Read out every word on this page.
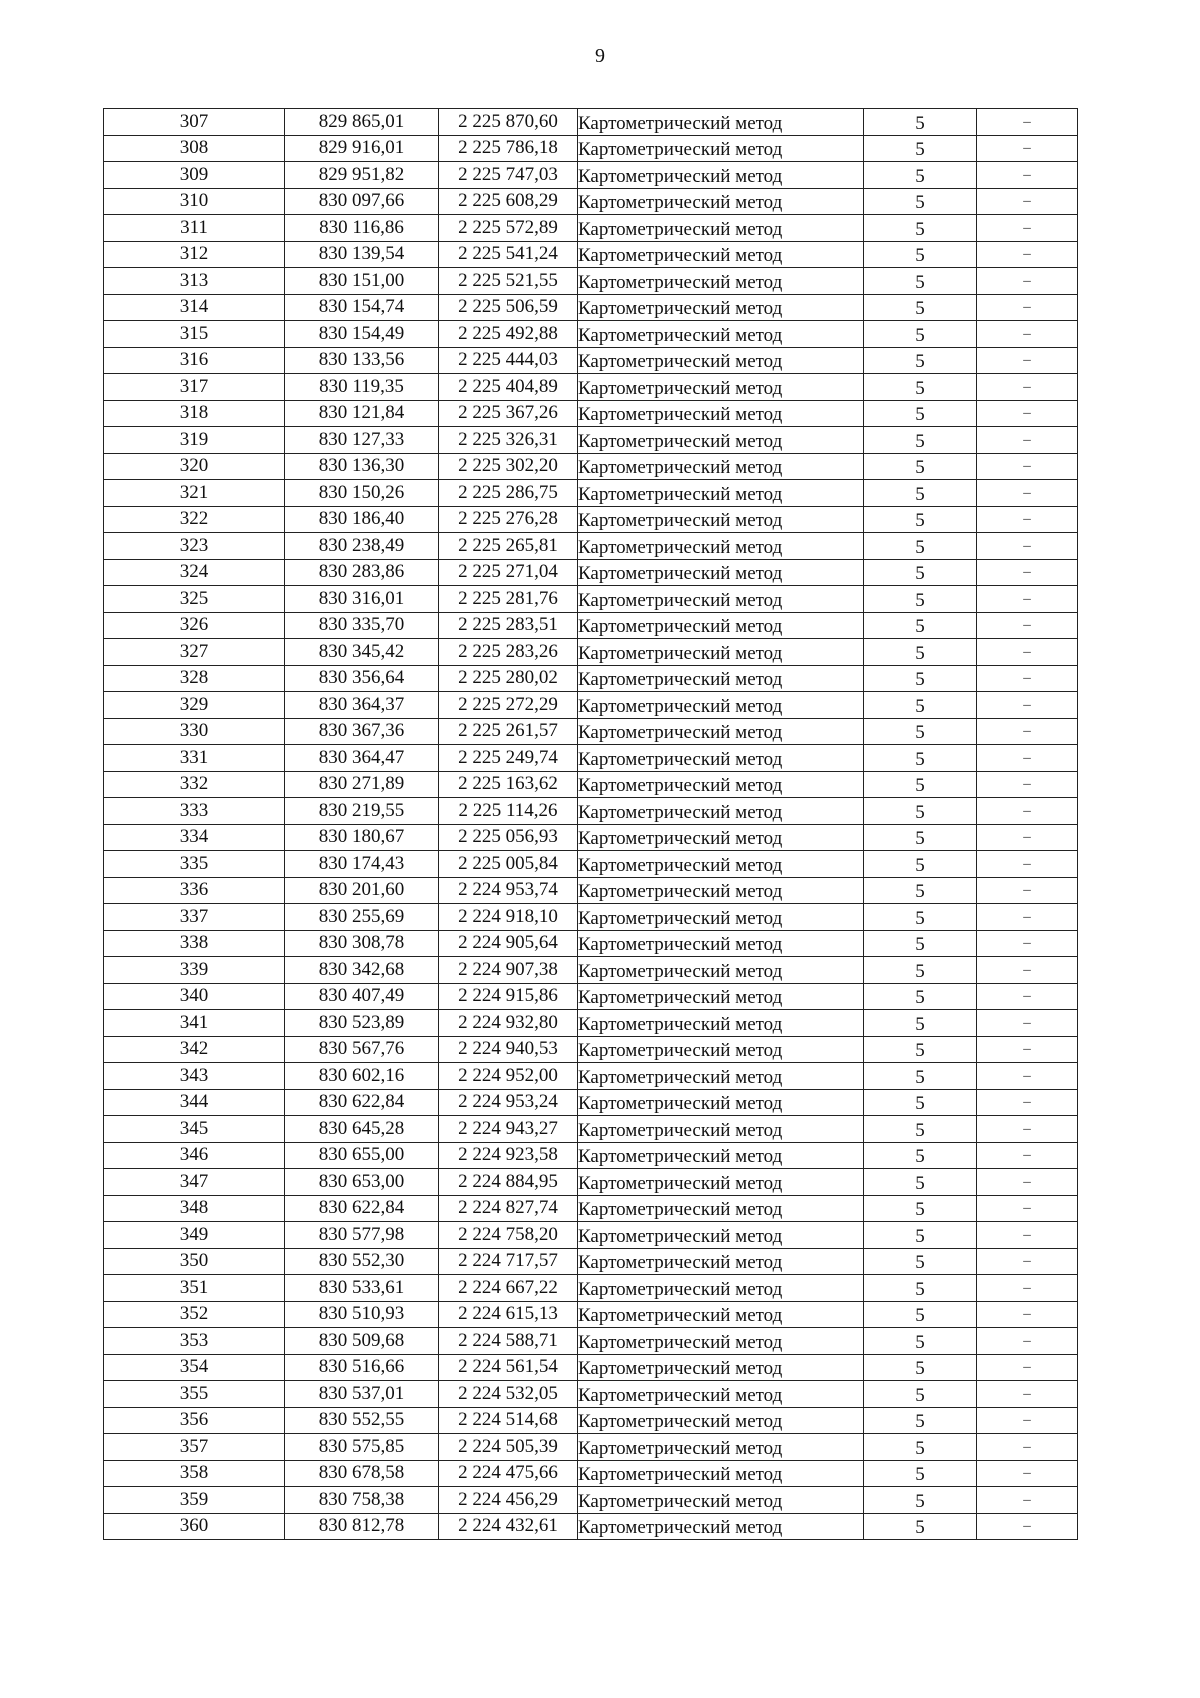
9
307	829 865,01	2 225 870,60	Картометрический метод	5	–
308	829 916,01	2 225 786,18	Картометрический метод	5	–
309	829 951,82	2 225 747,03	Картометрический метод	5	–
310	830 097,66	2 225 608,29	Картометрический метод	5	–
311	830 116,86	2 225 572,89	Картометрический метод	5	–
312	830 139,54	2 225 541,24	Картометрический метод	5	–
313	830 151,00	2 225 521,55	Картометрический метод	5	–
314	830 154,74	2 225 506,59	Картометрический метод	5	–
315	830 154,49	2 225 492,88	Картометрический метод	5	–
316	830 133,56	2 225 444,03	Картометрический метод	5	–
317	830 119,35	2 225 404,89	Картометрический метод	5	–
318	830 121,84	2 225 367,26	Картометрический метод	5	–
319	830 127,33	2 225 326,31	Картометрический метод	5	–
320	830 136,30	2 225 302,20	Картометрический метод	5	–
321	830 150,26	2 225 286,75	Картометрический метод	5	–
322	830 186,40	2 225 276,28	Картометрический метод	5	–
323	830 238,49	2 225 265,81	Картометрический метод	5	–
324	830 283,86	2 225 271,04	Картометрический метод	5	–
325	830 316,01	2 225 281,76	Картометрический метод	5	–
326	830 335,70	2 225 283,51	Картометрический метод	5	–
327	830 345,42	2 225 283,26	Картометрический метод	5	–
328	830 356,64	2 225 280,02	Картометрический метод	5	–
329	830 364,37	2 225 272,29	Картометрический метод	5	–
330	830 367,36	2 225 261,57	Картометрический метод	5	–
331	830 364,47	2 225 249,74	Картометрический метод	5	–
332	830 271,89	2 225 163,62	Картометрический метод	5	–
333	830 219,55	2 225 114,26	Картометрический метод	5	–
334	830 180,67	2 225 056,93	Картометрический метод	5	–
335	830 174,43	2 225 005,84	Картометрический метод	5	–
336	830 201,60	2 224 953,74	Картометрический метод	5	–
337	830 255,69	2 224 918,10	Картометрический метод	5	–
338	830 308,78	2 224 905,64	Картометрический метод	5	–
339	830 342,68	2 224 907,38	Картометрический метод	5	–
340	830 407,49	2 224 915,86	Картометрический метод	5	–
341	830 523,89	2 224 932,80	Картометрический метод	5	–
342	830 567,76	2 224 940,53	Картометрический метод	5	–
343	830 602,16	2 224 952,00	Картометрический метод	5	–
344	830 622,84	2 224 953,24	Картометрический метод	5	–
345	830 645,28	2 224 943,27	Картометрический метод	5	–
346	830 655,00	2 224 923,58	Картометрический метод	5	–
347	830 653,00	2 224 884,95	Картометрический метод	5	–
348	830 622,84	2 224 827,74	Картометрический метод	5	–
349	830 577,98	2 224 758,20	Картометрический метод	5	–
350	830 552,30	2 224 717,57	Картометрический метод	5	–
351	830 533,61	2 224 667,22	Картометрический метод	5	–
352	830 510,93	2 224 615,13	Картометрический метод	5	–
353	830 509,68	2 224 588,71	Картометрический метод	5	–
354	830 516,66	2 224 561,54	Картометрический метод	5	–
355	830 537,01	2 224 532,05	Картометрический метод	5	–
356	830 552,55	2 224 514,68	Картометрический метод	5	–
357	830 575,85	2 224 505,39	Картометрический метод	5	–
358	830 678,58	2 224 475,66	Картометрический метод	5	–
359	830 758,38	2 224 456,29	Картометрический метод	5	–
360	830 812,78	2 224 432,61	Картометрический метод	5	–
